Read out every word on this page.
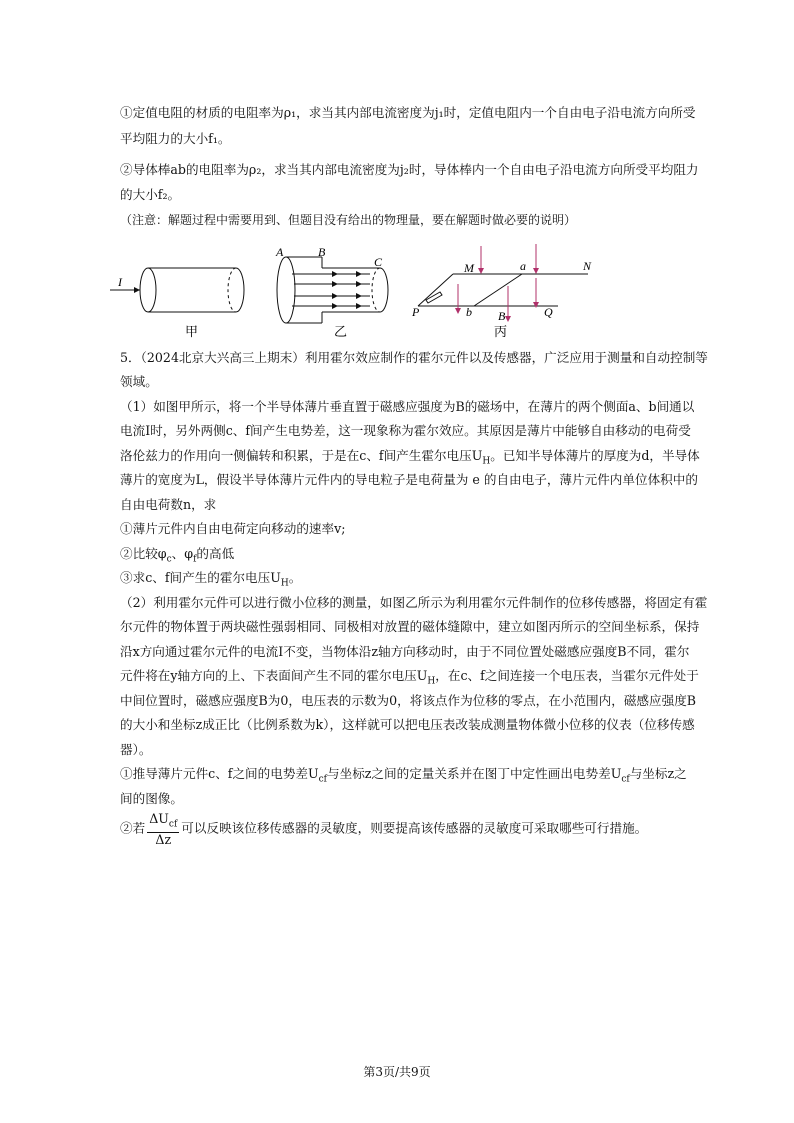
①定值电阻的材质的电阻率为ρ₁，求当其内部电流密度为j₁时，定值电阻内一个自由电子沿电流方向所受
平均阻力的大小f₁。
②导体棒ab的电阻率为ρ₂，求当其内部电流密度为j₂时，导体棒内一个自由电子沿电流方向所受平均阻力
的大小f₂。
（注意：解题过程中需要用到、但题目没有给出的物理量，要在解题时做必要的说明）
I
甲
A	B
C
乙
M	a	N
P	b B	Q
丙
5．（2024北京大兴高三上期末）利用霍尔效应制作的霍尔元件以及传感器，广泛应用于测量和自动控制等
领域。
（1）如图甲所示，将一个半导体薄片垂直置于磁感应强度为B的磁场中，在薄片的两个侧面a、b间通以
电流I时，另外两侧c、f间产生电势差，这一现象称为霍尔效应。其原因是薄片中能够自由移动的电荷受
洛伦兹力的作用向一侧偏转和积累，于是在c、f间产生霍尔电压$U_H$。已知半导体薄片的厚度为d，半导体
薄片的宽度为L，假设半导体薄片元件内的导电粒子是电荷量为 e 的自由电子，薄片元件内单位体积中的
自由电荷数n，求
①薄片元件内自由电荷定向移动的速率v;
②比较$\varphi_c$、$\varphi_f$的高低
③求c、f间产生的霍尔电压$U_H$。
（2）利用霍尔元件可以进行微小位移的测量，如图乙所示为利用霍尔元件制作的位移传感器，将固定有霍
尔元件的物体置于两块磁性强弱相同、同极相对放置的磁体缝隙中，建立如图丙所示的空间坐标系，保持
沿x方向通过霍尔元件的电流I不变，当物体沿z轴方向移动时，由于不同位置处磁感应强度B不同，霍尔
元件将在y轴方向的上、下表面间产生不同的霍尔电压$U_H$，在c、f之间连接一个电压表，当霍尔元件处于
中间位置时，磁感应强度B为0，电压表的示数为0，将该点作为位移的零点，在小范围内，磁感应强度B
的大小和坐标z成正比（比例系数为k），这样就可以把电压表改装成测量物体微小位移的仪表（位移传感
器）。
①推导薄片元件c、f之间的电势差$U_{cf}$与坐标z之间的定量关系并在图丁中定性画出电势差$U_{cf}$与坐标z之
间的图像。
②若 $\frac{\Delta U_{cf}}{\Delta z}$ 可以反映该位移传感器的灵敏度，则要提高该传感器的灵敏度可采取哪些可行措施。
第3页/共9页
